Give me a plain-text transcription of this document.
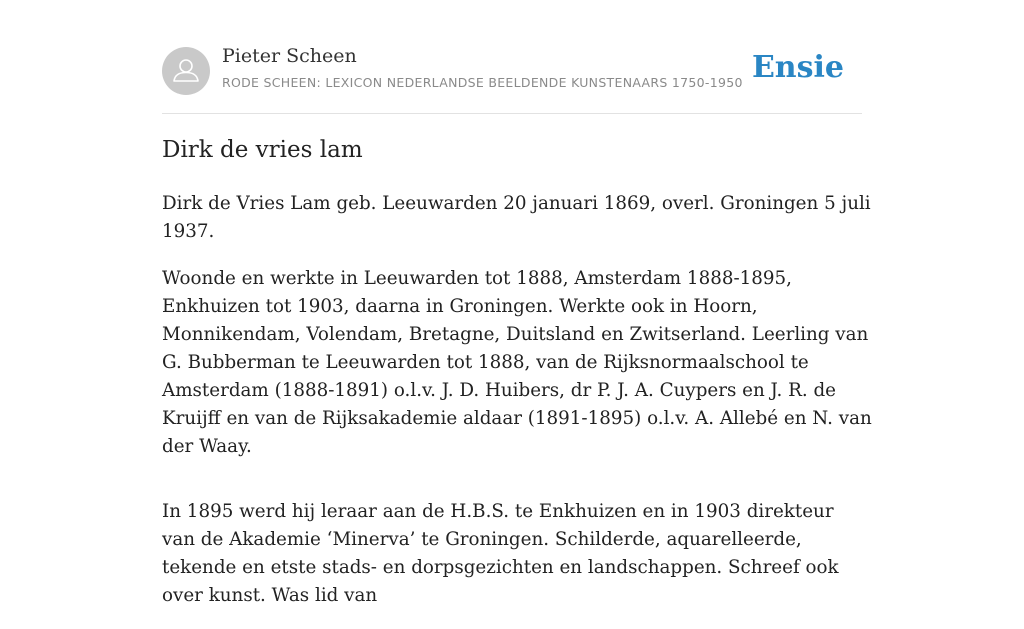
Pieter Scheen
RODE SCHEEN: LEXICON NEDERLANDSE BEELDENDE KUNSTENAARS 1750-1950 Ensie
Dirk de vries lam

Dirk de Vries Lam geb. Leeuwarden 20 januari 1869, overl. Groningen 5 juli 1937.

Woonde en werkte in Leeuwarden tot 1888, Amsterdam 1888-1895, Enkhuizen tot 1903, daarna in Groningen. Werkte ook in Hoorn, Monnikendam, Volendam, Bretagne, Duitsland en Zwitserland. Leerling van G. Bubberman te Leeuwarden tot 1888, van de Rijksnormaalschool te Amsterdam (1888-1891) o.l.v. J. D. Huibers, dr P. J. A. Cuypers en J. R. de Kruijff en van de Rijksakademie aldaar (1891-1895) o.l.v. A. Allebé en N. van der Waay.

In 1895 werd hij leraar aan de H.B.S. te Enkhuizen en in 1903 direkteur van de Akademie ‘Minerva’ te Groningen. Schilderde, aquarelleerde, tekende en etste stads- en dorpsgezichten en landschappen. Schreef ook over kunst. Was lid van
